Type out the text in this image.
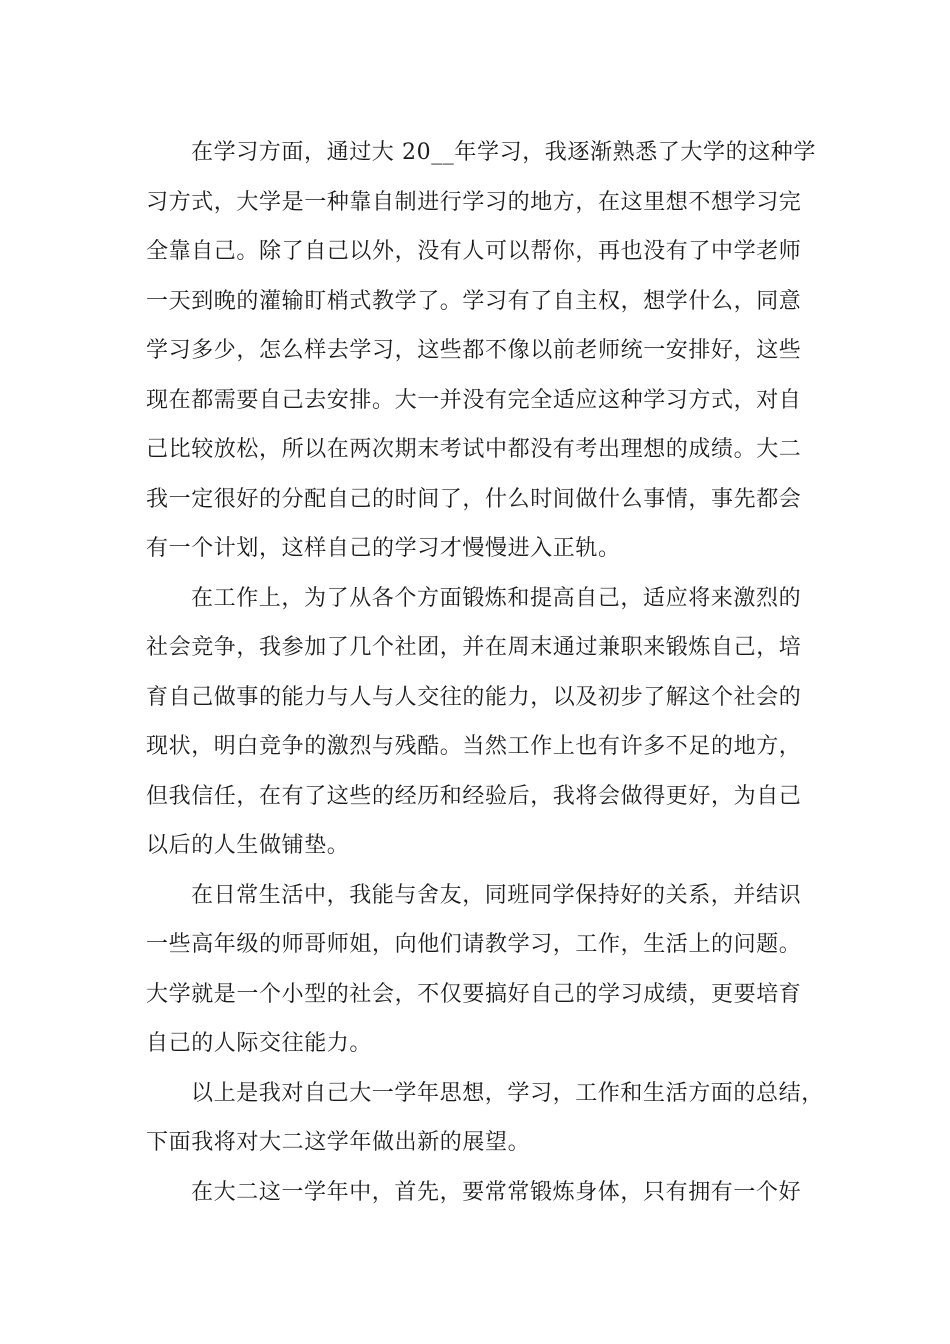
在学习方面，通过大 20__年学习，我逐渐熟悉了大学的这种学
习方式，大学是一种靠自制进行学习的地方，在这里想不想学习完
全靠自己。除了自己以外，没有人可以帮你，再也没有了中学老师
一天到晚的灌输盯梢式教学了。学习有了自主权，想学什么，同意
学习多少，怎么样去学习，这些都不像以前老师统一安排好，这些
现在都需要自己去安排。大一并没有完全适应这种学习方式，对自
己比较放松，所以在两次期末考试中都没有考出理想的成绩。大二
我一定很好的分配自己的时间了，什么时间做什么事情，事先都会
有一个计划，这样自己的学习才慢慢进入正轨。
在工作上，为了从各个方面锻炼和提高自己，适应将来激烈的
社会竞争，我参加了几个社团，并在周末通过兼职来锻炼自己，培
育自己做事的能力与人与人交往的能力，以及初步了解这个社会的
现状，明白竞争的激烈与残酷。当然工作上也有许多不足的地方，
但我信任，在有了这些的经历和经验后，我将会做得更好，为自己
以后的人生做铺垫。
在日常生活中，我能与舍友，同班同学保持好的关系，并结识
一些高年级的师哥师姐，向他们请教学习，工作，生活上的问题。
大学就是一个小型的社会，不仅要搞好自己的学习成绩，更要培育
自己的人际交往能力。
以上是我对自己大一学年思想，学习，工作和生活方面的总结，
下面我将对大二这学年做出新的展望。
在大二这一学年中，首先，要常常锻炼身体，只有拥有一个好
